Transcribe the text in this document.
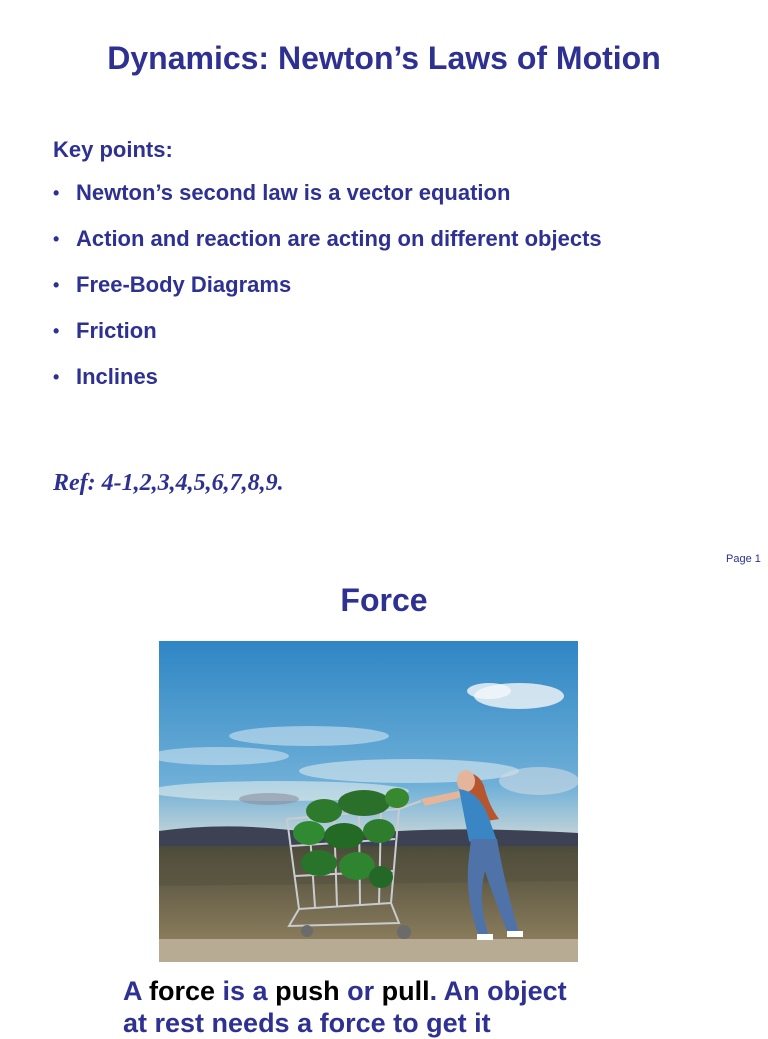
Dynamics: Newton’s Laws of Motion
Key points:
• Newton’s second law is a vector equation
• Action and reaction are acting on different objects
• Free-Body Diagrams
• Friction
• Inclines
Ref: 4-1,2,3,4,5,6,7,8,9.
Page 1
Force
A force is a push or pull. An object
at rest needs a force to get it
